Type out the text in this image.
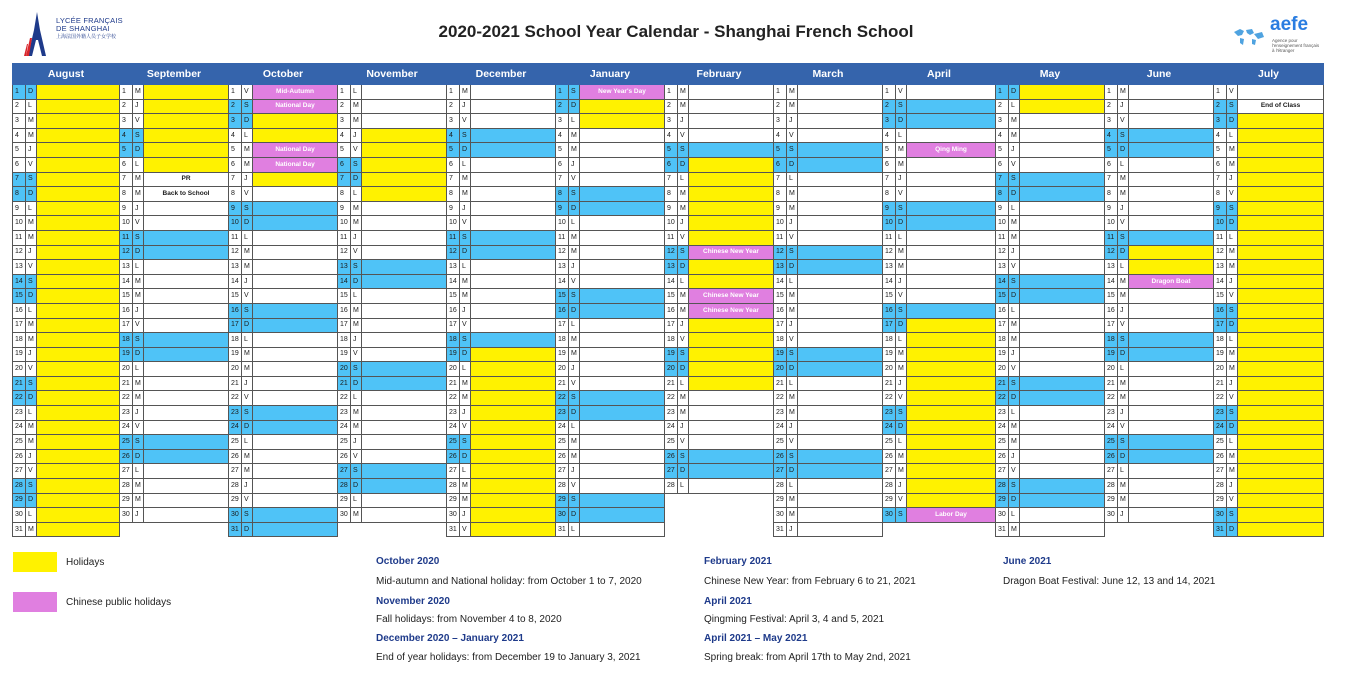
LYCÉE FRANÇAIS
DE SHANGHAI
上海法国外籍人员子女学校	2020-2021 School Year Calendar - Shanghai French School	aefe
Agence pour l'enseignement français à l'étranger
August			September			October			November			December			January			February			March			April			May			June			July		
1	D		1	M		1	V	Mid-Autumn	1	L		1	M		1	S	New Year's Day	1	M		1	M		1	V		1	D		1	M		1	V	
2	L		2	J		2	S	National Day	2	M		2	J		2	D		2	M		2	M		2	S		2	L		2	J		2	S	End of Class
3	M		3	V		3	D		3	M		3	V		3	L		3	J		3	J		3	D		3	M		3	V		3	D	
4	M		4	S		4	L		4	J		4	S		4	M		4	V		4	V		4	L		4	M		4	S		4	L	
5	J		5	D		5	M	National Day	5	V		5	D		5	M		5	S		5	S		5	M	Qing Ming	5	J		5	D		5	M	
6	V		6	L		6	M	National Day	6	S		6	L		6	J		6	D		6	D		6	M		6	V		6	L		6	M	
7	S		7	M	PR	7	J		7	D		7	M		7	V		7	L		7	L		7	J		7	S		7	M		7	J	
8	D		8	M	Back to School	8	V		8	L		8	M		8	S		8	M		8	M		8	V		8	D		8	M		8	V	
9	L		9	J		9	S		9	M		9	J		9	D		9	M		9	M		9	S		9	L		9	J		9	S	
10	M		10	V		10	D		10	M		10	V		10	L		10	J		10	J		10	D		10	M		10	V		10	D	
11	M		11	S		11	L		11	J		11	S		11	M		11	V		11	V		11	L		11	M		11	S		11	L	
12	J		12	D		12	M		12	V		12	D		12	M		12	S	Chinese New Year	12	S		12	M		12	J		12	D		12	M	
13	V		13	L		13	M		13	S		13	L		13	J		13	D		13	D		13	M		13	V		13	L		13	M	
14	S		14	M		14	J		14	D		14	M		14	V		14	L		14	L		14	J		14	S		14	M	Dragon Boat	14	J	
15	D		15	M		15	V		15	L		15	M		15	S		15	M	Chinese New Year	15	M		15	V		15	D		15	M		15	V	
16	L		16	J		16	S		16	M		16	J		16	D		16	M	Chinese New Year	16	M		16	S		16	L		16	J		16	S	
17	M		17	V		17	D		17	M		17	V		17	L		17	J		17	J		17	D		17	M		17	V		17	D	
18	M		18	S		18	L		18	J		18	S		18	M		18	V		18	V		18	L		18	M		18	S		18	L	
19	J		19	D		19	M		19	V		19	D		19	M		19	S		19	S		19	M		19	J		19	D		19	M	
20	V		20	L		20	M		20	S		20	L		20	J		20	D		20	D		20	M		20	V		20	L		20	M	
21	S		21	M		21	J		21	D		21	M		21	V		21	L		21	L		21	J		21	S		21	M		21	J	
22	D		22	M		22	V		22	L		22	M		22	S		22	M		22	M		22	V		22	D		22	M		22	V	
23	L		23	J		23	S		23	M		23	J		23	D		23	M		23	M		23	S		23	L		23	J		23	S	
24	M		24	V		24	D		24	M		24	V		24	L		24	J		24	J		24	D		24	M		24	V		24	D	
25	M		25	S		25	L		25	J		25	S		25	M		25	V		25	V		25	L		25	M		25	S		25	L	
26	J		26	D		26	M		26	V		26	D		26	M		26	S		26	S		26	M		26	J		26	D		26	M	
27	V		27	L		27	M		27	S		27	L		27	J		27	D		27	D		27	M		27	V		27	L		27	M	
28	S		28	M		28	J		28	D		28	M		28	V		28	L		28	L		28	J		28	S		28	M		28	J	
29	D		29	M		29	V		29	L		29	M		29	S					29	M		29	V		29	D		29	M		29	V	
30	L		30	J		30	S		30	M		30	J		30	D					30	M		30	S	Labor Day	30	L		30	J		30	S	
31	M					31	D					31	V		31	L					31	J					31	M					31	D	
Holidays
Chinese public holidays
October 2020
Mid-autumn and National holiday: from October 1 to 7, 2020
November 2020
Fall holidays: from November 4 to 8, 2020
December 2020 – January 2021
End of year holidays: from December 19 to January 3, 2021
February 2021
Chinese New Year: from February 6 to 21, 2021
April 2021
Qingming Festival: April 3, 4 and 5, 2021
April 2021 – May 2021
Spring break: from April 17th to May 2nd, 2021
June 2021
Dragon Boat Festival: June 12, 13 and 14, 2021
